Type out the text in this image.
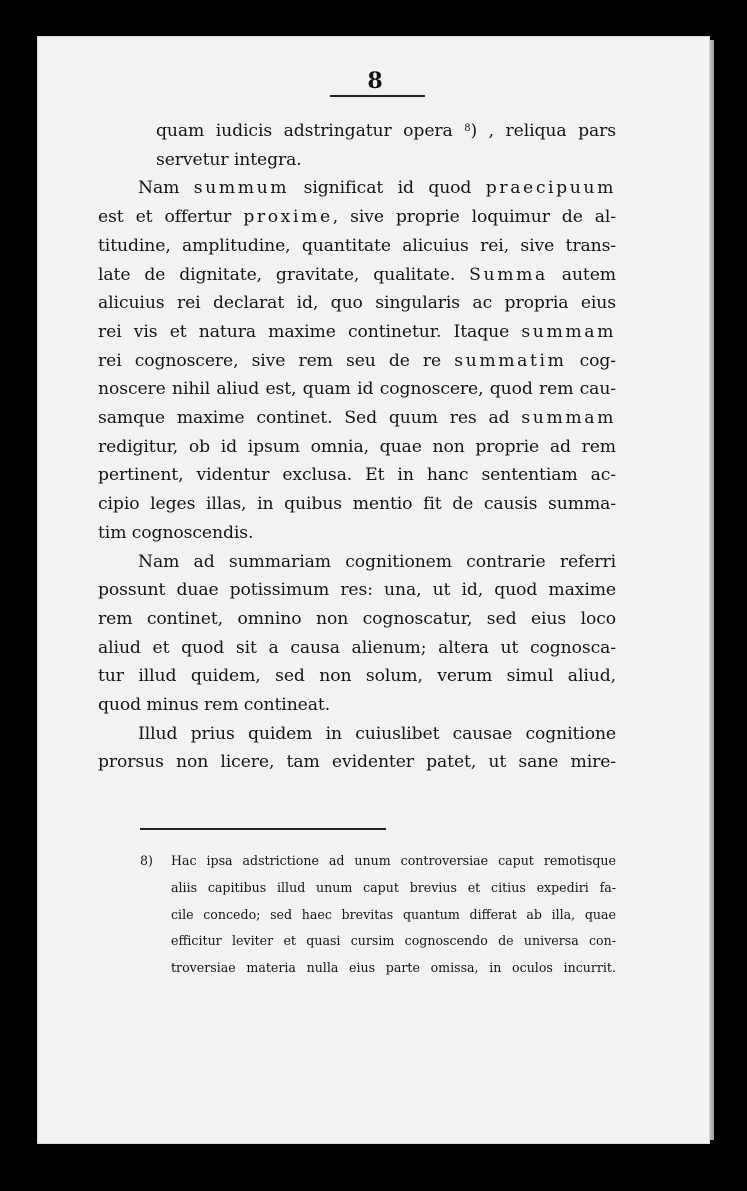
8
quam iudicis adstringatur opera $^8$) , reliqua pars
servetur integra.
Nam summum significat id quod praecipuum
est et offertur proxime, sive proprie loquimur de al-
titudine, amplitudine, quantitate alicuius rei, sive trans-
late de dignitate, gravitate, qualitate. Summa autem
alicuius rei declarat id, quo singularis ac propria eius
rei vis et natura maxime continetur. Itaque summam
rei cognoscere, sive rem seu de re summatim cog-
noscere nihil aliud est, quam id cognoscere, quod rem cau-
samque maxime continet. Sed quum res ad summam
redigitur, ob id ipsum omnia, quae non proprie ad rem
pertinent, videntur exclusa. Et in hanc sententiam ac-
cipio leges illas, in quibus mentio fit de causis summa-
tim cognoscendis.
Nam ad summariam cognitionem contrarie referri
possunt duae potissimum res: una, ut id, quod maxime
rem continet, omnino non cognoscatur, sed eius loco
aliud et quod sit a causa alienum; altera ut cognosca-
tur illud quidem, sed non solum, verum simul aliud,
quod minus rem contineat.
Illud prius quidem in cuiuslibet causae cognitione
prorsus non licere, tam evidenter patet, ut sane mire-
8) Hac ipsa adstrictione ad unum controversiae caput remotisque
aliis capitibus illud unum caput brevius et citius expediri fa-
cile concedo; sed haec brevitas quantum differat ab illa, quae
efficitur leviter et quasi cursim cognoscendo de universa con-
troversiae materia nulla eius parte omissa, in oculos incurrit.
